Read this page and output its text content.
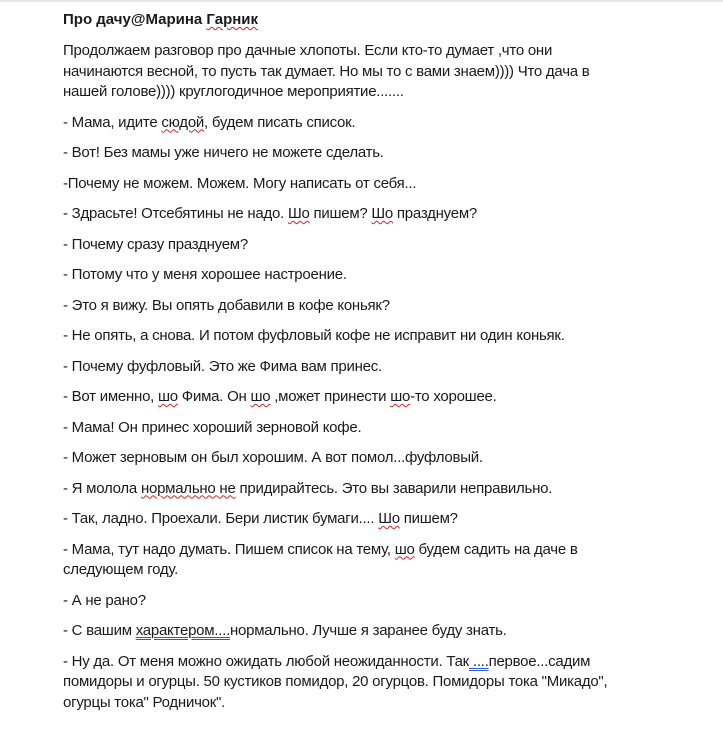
Про дачу@Марина Гарник

Продолжаем разговор про дачные хлопоты. Если кто-то думает ,что они
начинаются весной, то пусть так думает. Но мы то с вами знаем)))) Что дача в
нашей голове)))) круглогодичное мероприятие.......

- Мама, идите сюдой, будем писать список.

- Вот! Без мамы уже ничего не можете сделать.

-Почему не можем. Можем. Могу написать от себя...

- Здрасьте! Отсебятины не надо. Шо пишем? Шо празднуем?

- Почему сразу празднуем?

- Потому что у меня хорошее настроение.

- Это я вижу. Вы опять добавили в кофе коньяк?

- Не опять, а снова. И потом фуфловый кофе не исправит ни один коньяк.

- Почему фуфловый. Это же Фима вам принес.

- Вот именно, шо Фима. Он шо ,может принести шо-то хорошее.

- Мама! Он принес хороший зерновой кофе.

- Может зерновым он был хорошим. А вот помол...фуфловый.

- Я молола нормально не придирайтесь. Это вы заварили неправильно.

- Так, ладно. Проехали. Бери листик бумаги.... Шо пишем?

- Мама, тут надо думать. Пишем список на тему, шо будем садить на даче в
следующем году.

- А не рано?

- С вашим характером....нормально. Лучше я заранее буду знать.

- Ну да. От меня можно ожидать любой неожиданности. Так ....первое...садим
помидоры и огурцы. 50 кустиков помидор, 20 огурцов. Помидоры тока "Микадо",
огурцы тока" Родничок".
